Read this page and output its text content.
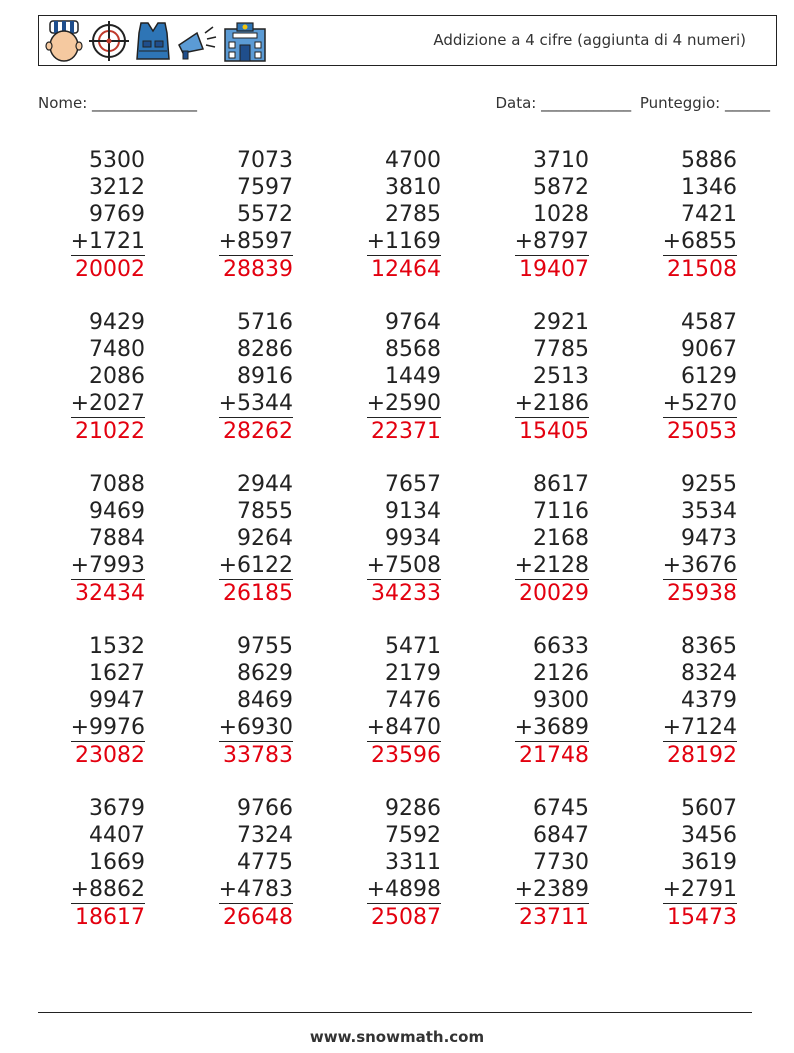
Addizione a 4 cifre (aggiunta di 4 numeri)
Nome: ______________	Data: ____________ Punteggio: ______
5300
3212
9769
+1721
20002
7073
7597
5572
+8597
28839
4700
3810
2785
+1169
12464
3710
5872
1028
+8797
19407
5886
1346
7421
+6855
21508
9429
7480
2086
+2027
21022
5716
8286
8916
+5344
28262
9764
8568
1449
+2590
22371
2921
7785
2513
+2186
15405
4587
9067
6129
+5270
25053
7088
9469
7884
+7993
32434
2944
7855
9264
+6122
26185
7657
9134
9934
+7508
34233
8617
7116
2168
+2128
20029
9255
3534
9473
+3676
25938
1532
1627
9947
+9976
23082
9755
8629
8469
+6930
33783
5471
2179
7476
+8470
23596
6633
2126
9300
+3689
21748
8365
8324
4379
+7124
28192
3679
4407
1669
+8862
18617
9766
7324
4775
+4783
26648
9286
7592
3311
+4898
25087
6745
6847
7730
+2389
23711
5607
3456
3619
+2791
15473
www.snowmath.com
